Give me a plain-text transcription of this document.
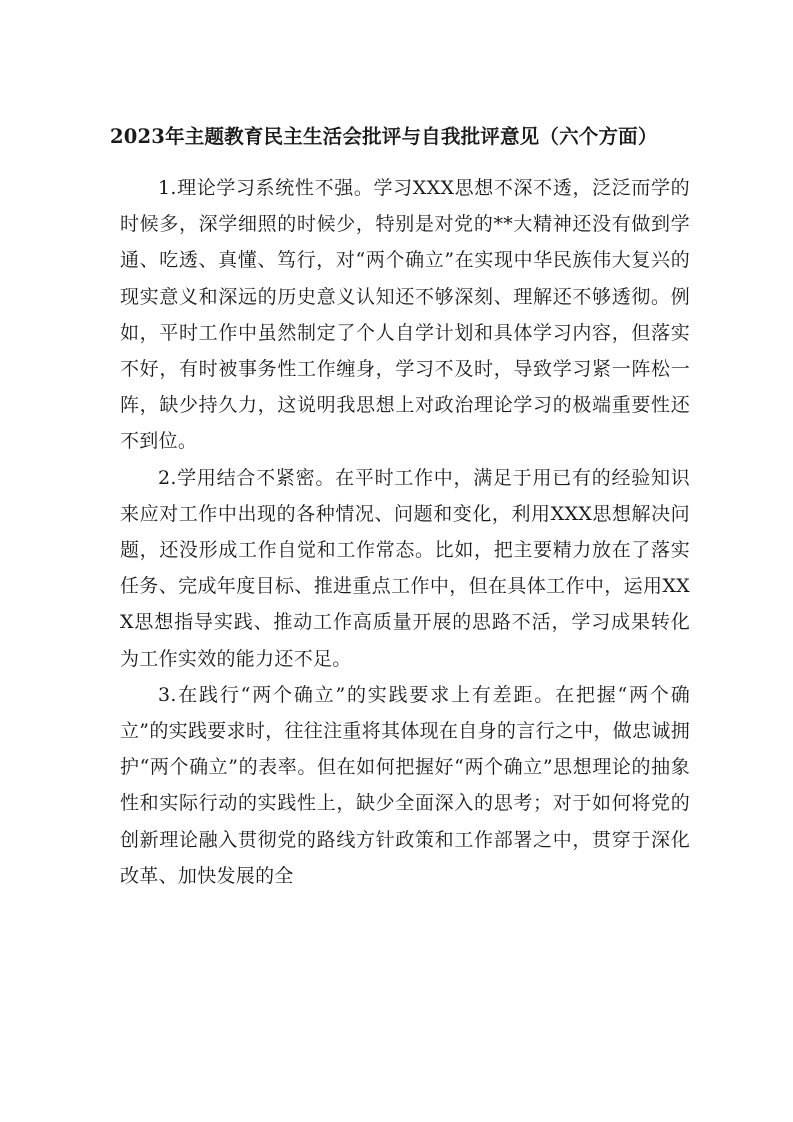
2023年主题教育民主生活会批评与自我批评意见（六个方面）

1.理论学习系统性不强。学习XXX思想不深不透，泛泛而学的时候多，深学细照的时候少，特别是对党的**大精神还没有做到学通、吃透、真懂、笃行，对“两个确立”在实现中华民族伟大复兴的现实意义和深远的历史意义认知还不够深刻、理解还不够透彻。例如，平时工作中虽然制定了个人自学计划和具体学习内容，但落实不好，有时被事务性工作缠身，学习不及时，导致学习紧一阵松一阵，缺少持久力，这说明我思想上对政治理论学习的极端重要性还不到位。

2.学用结合不紧密。在平时工作中，满足于用已有的经验知识来应对工作中出现的各种情况、问题和变化，利用XXX思想解决问题，还没形成工作自觉和工作常态。比如，把主要精力放在了落实任务、完成年度目标、推进重点工作中，但在具体工作中，运用XXX思想指导实践、推动工作高质量开展的思路不活，学习成果转化为工作实效的能力还不足。

3.在践行“两个确立”的实践要求上有差距。在把握“两个确立”的实践要求时，往往注重将其体现在自身的言行之中，做忠诚拥护“两个确立”的表率。但在如何把握好“两个确立”思想理论的抽象性和实际行动的实践性上，缺少全面深入的思考；对于如何将党的创新理论融入贯彻党的路线方针政策和工作部署之中，贯穿于深化改革、加快发展的全
